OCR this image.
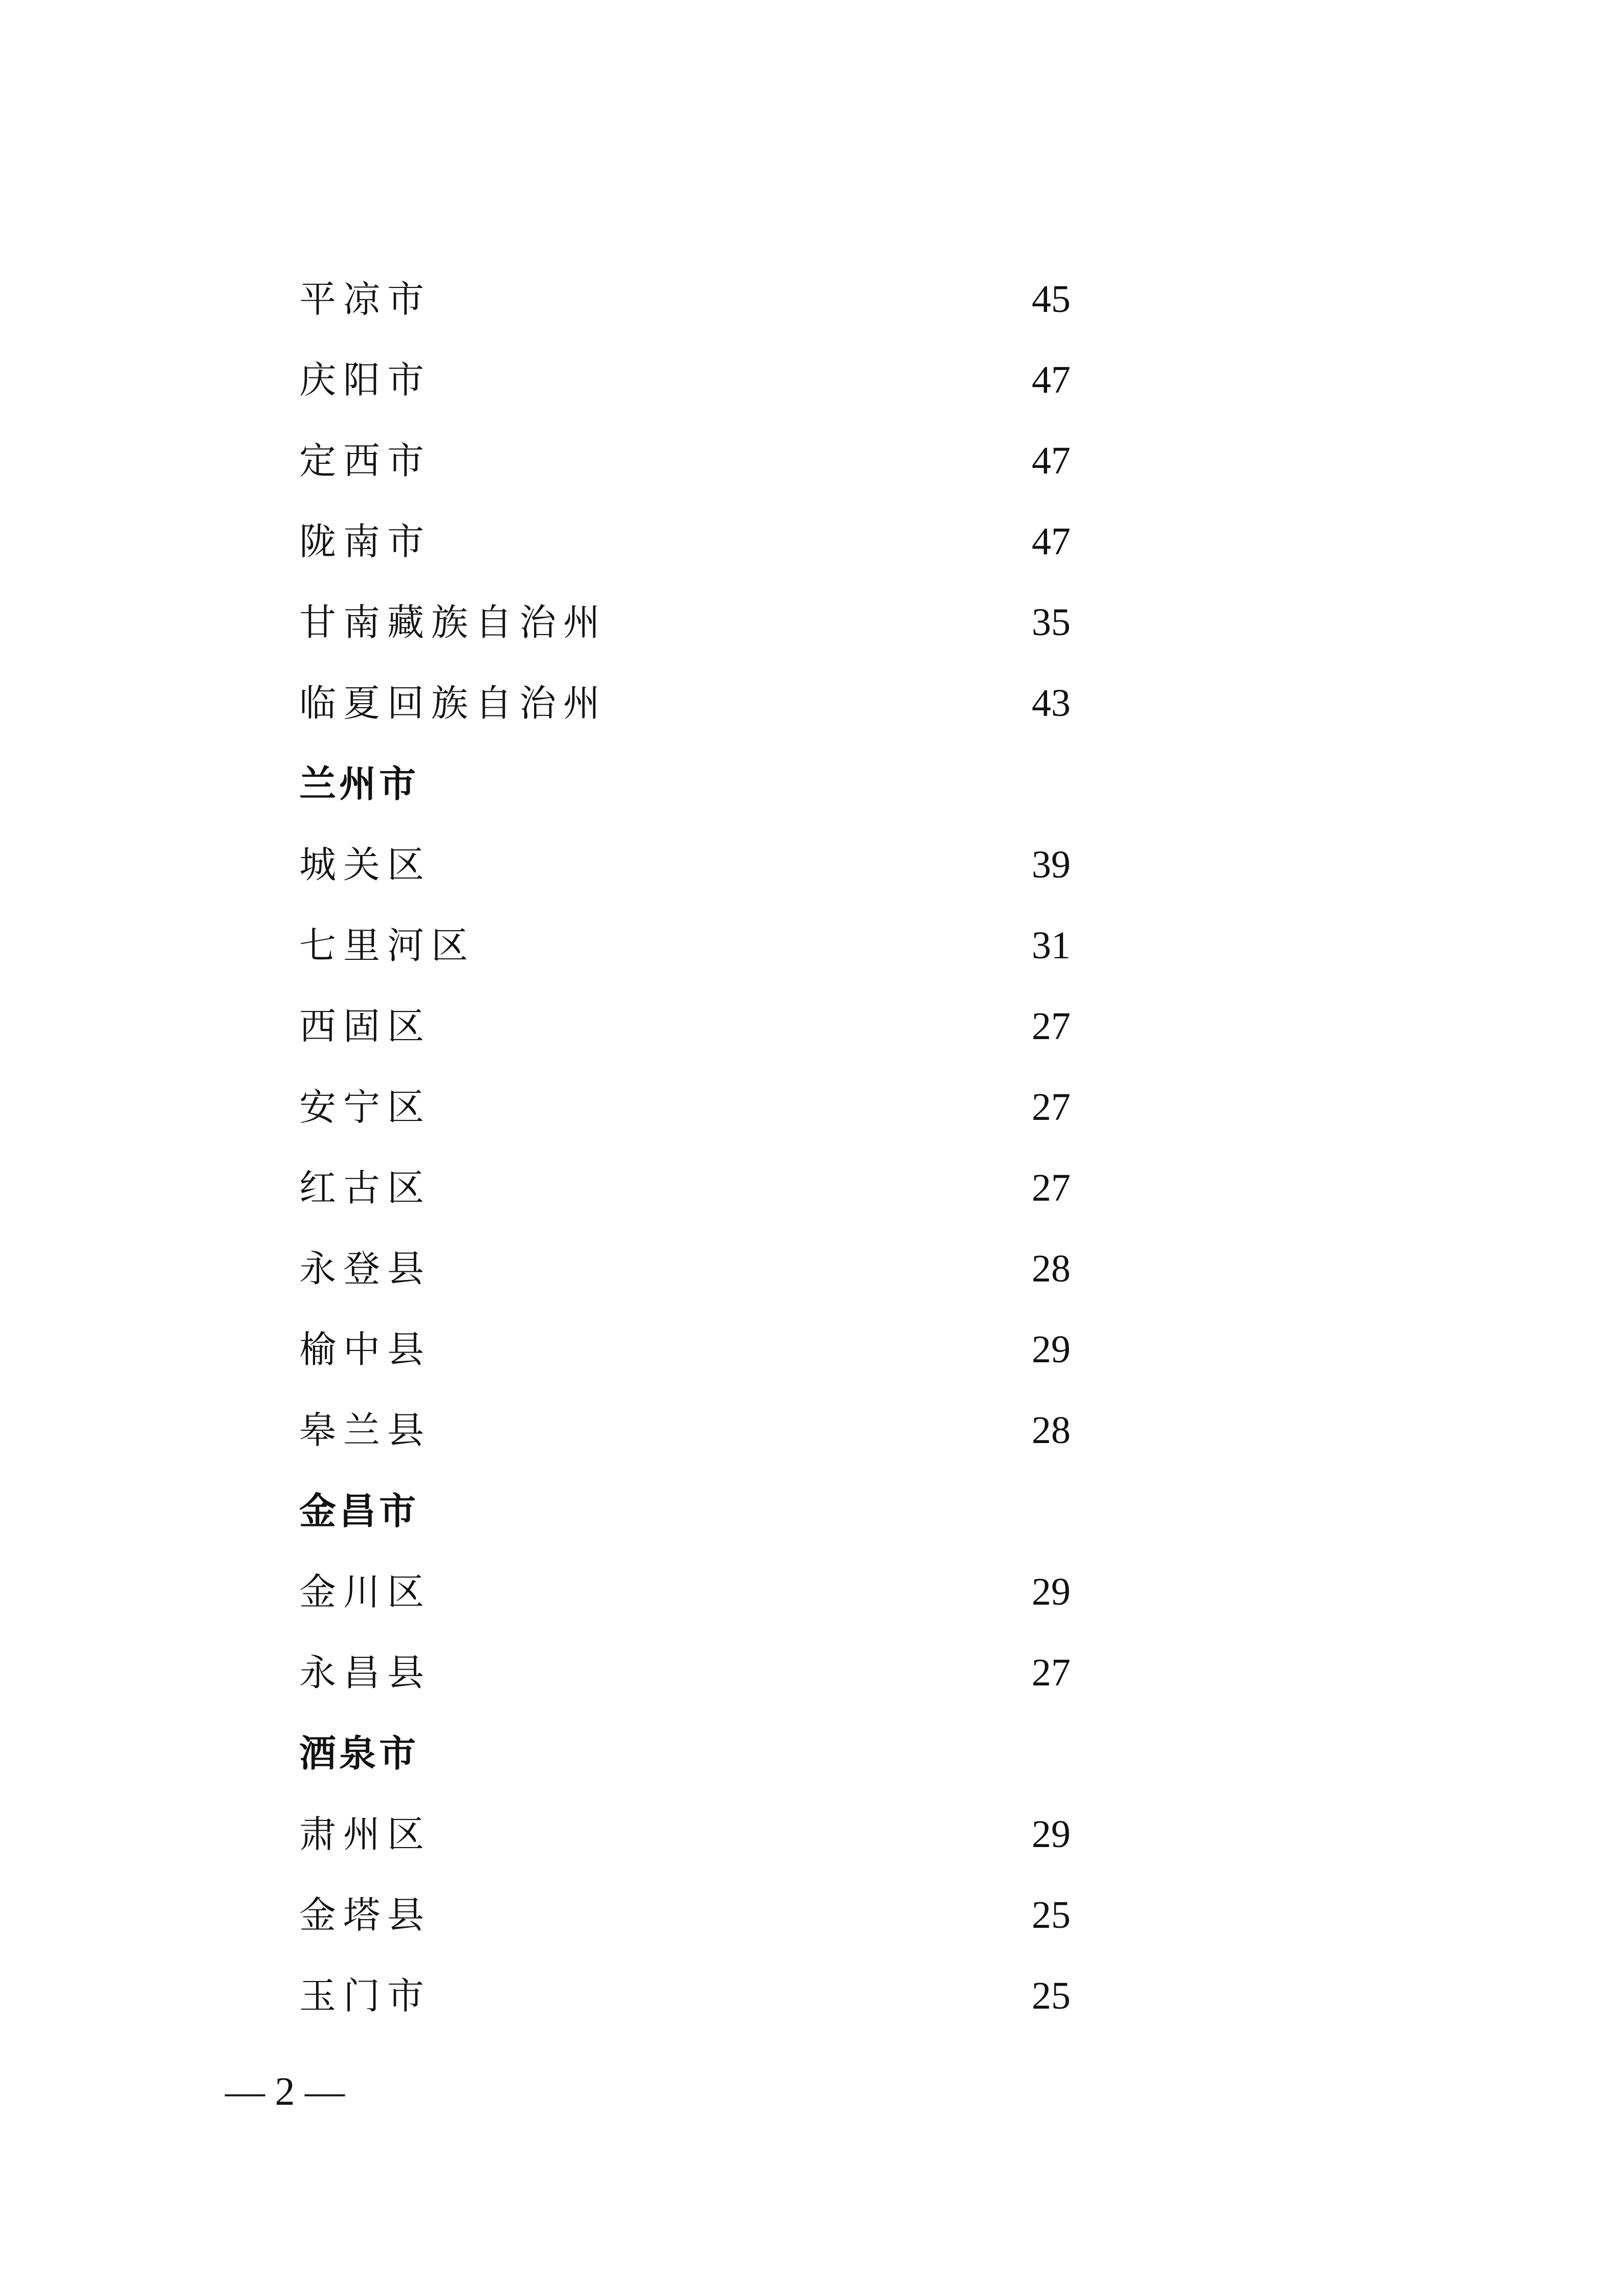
平凉市	45
庆阳市	47
定西市	47
陇南市	47
甘南藏族自治州	35
临夏回族自治州	43
兰州市
城关区	39
七里河区	31
西固区	27
安宁区	27
红古区	27
永登县	28
榆中县	29
皋兰县	28
金昌市
金川区	29
永昌县	27
酒泉市
肃州区	29
金塔县	25
玉门市	25
— 2 —
